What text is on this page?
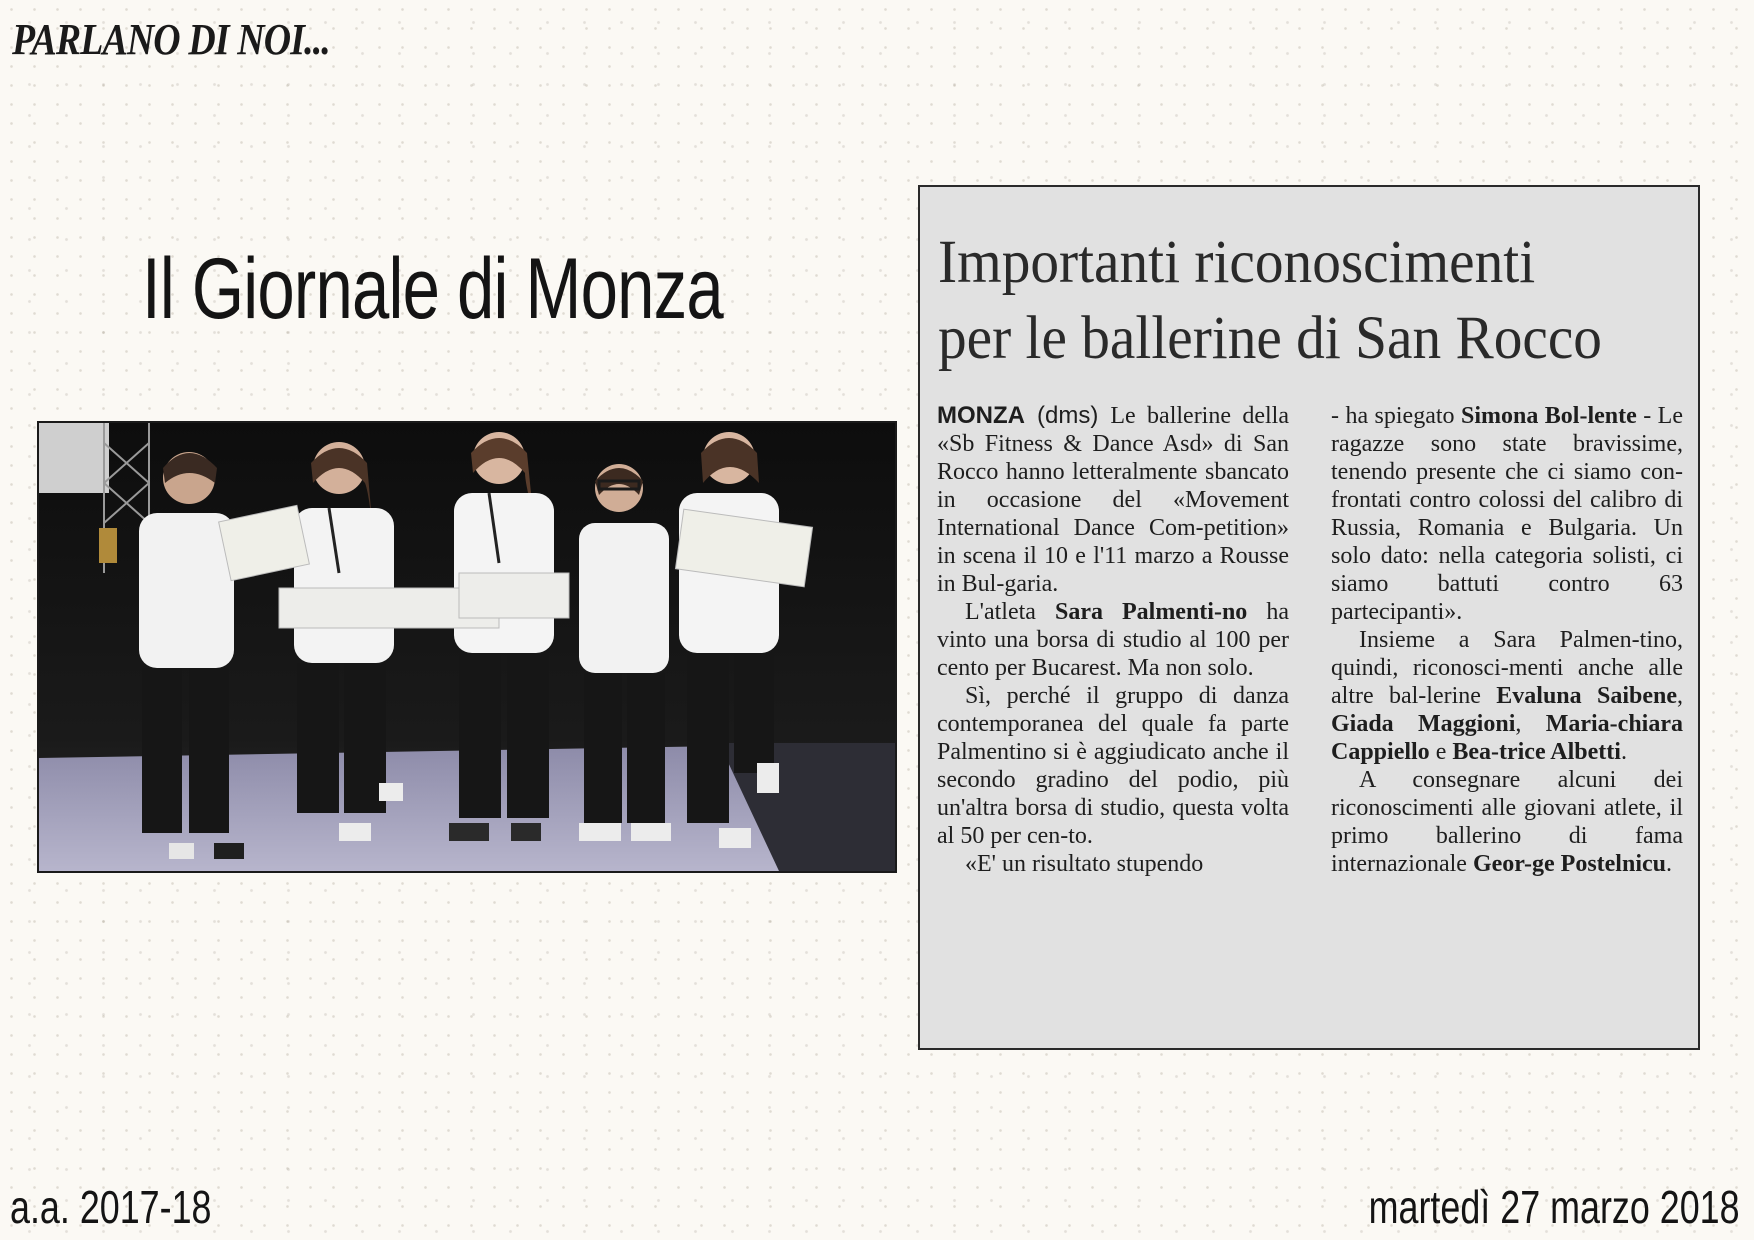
PARLANO DI NOI...
Il Giornale di Monza	Importanti riconoscimenti
per le ballerine di San Rocco

MONZA (dms) Le ballerine della «Sb Fitness & Dance Asd» di San Rocco hanno letteralmente sbancato in occasione del «Movement International Dance Com-petition» in scena il 10 e l'11 marzo a Rousse in Bul-garia.

L'atleta Sara Palmenti-no ha vinto una borsa di studio al 100 per cento per Bucarest. Ma non solo.

Sì, perché il gruppo di danza contemporanea del quale fa parte Palmentino si è aggiudicato anche il secondo gradino del podio, più un'altra borsa di studio, questa volta al 50 per cen-to.

«E' un risultato stupendo

- ha spiegato Simona Bol-lente - Le ragazze sono state bravissime, tenendo presente che ci siamo con-frontati contro colossi del calibro di Russia, Romania e Bulgaria. Un solo dato: nella categoria solisti, ci siamo battuti contro 63 partecipanti».

Insieme a Sara Palmen-tino, quindi, riconosci-menti anche alle altre bal-lerine Evaluna Saibene, Giada Maggioni, Maria-chiara Cappiello e Bea-trice Albetti.

A consegnare alcuni dei riconoscimenti alle giovani atlete, il primo ballerino di fama internazionale Geor-ge Postelnicu.

a.a. 2017-18	martedì 27 marzo 2018
